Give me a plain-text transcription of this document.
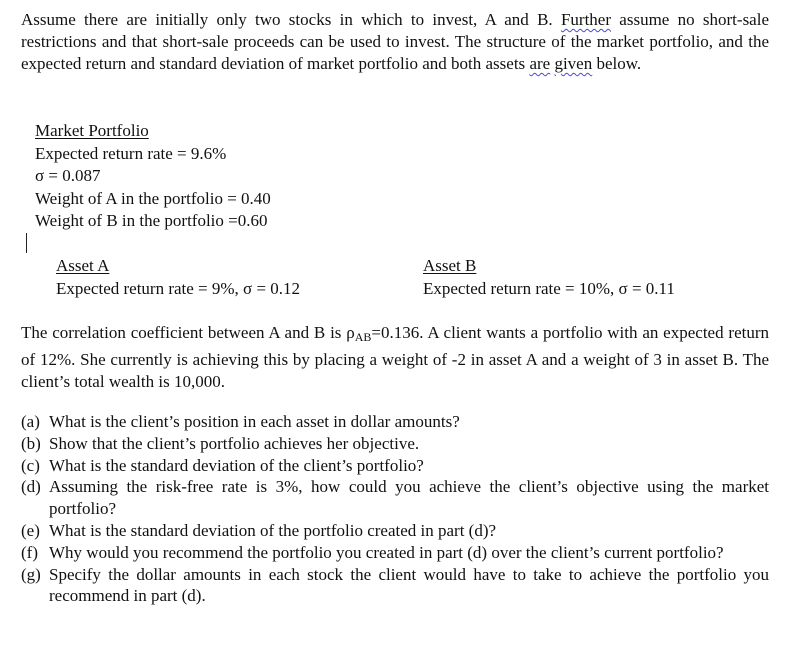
Assume there are initially only two stocks in which to invest, A and B. Further assume no short-sale restrictions and that short-sale proceeds can be used to invest. The structure of the market portfolio, and the expected return and standard deviation of market portfolio and both assets are given below.

Market Portfolio

Expected return rate = 9.6%

σ = 0.087

Weight of A in the portfolio = 0.40

Weight of B in the portfolio =0.60

Asset A

Expected return rate = 9%, σ = 0.12

Asset B

Expected return rate = 10%, σ = 0.11

The correlation coefficient between A and B is $\rho_{AB}=0.136$. A client wants a portfolio with an expected return of 12%. She currently is achieving this by placing a weight of -2 in asset A and a weight of 3 in asset B. The client’s total wealth is 10,000.

(a) What is the client’s position in each asset in dollar amounts?
(b) Show that the client’s portfolio achieves her objective.
(c) What is the standard deviation of the client’s portfolio?
(d) Assuming the risk-free rate is 3%, how could you achieve the client’s objective using the market portfolio?
(e) What is the standard deviation of the portfolio created in part (d)?
(f) Why would you recommend the portfolio you created in part (d) over the client’s current portfolio?
(g) Specify the dollar amounts in each stock the client would have to take to achieve the portfolio you recommend in part (d).
